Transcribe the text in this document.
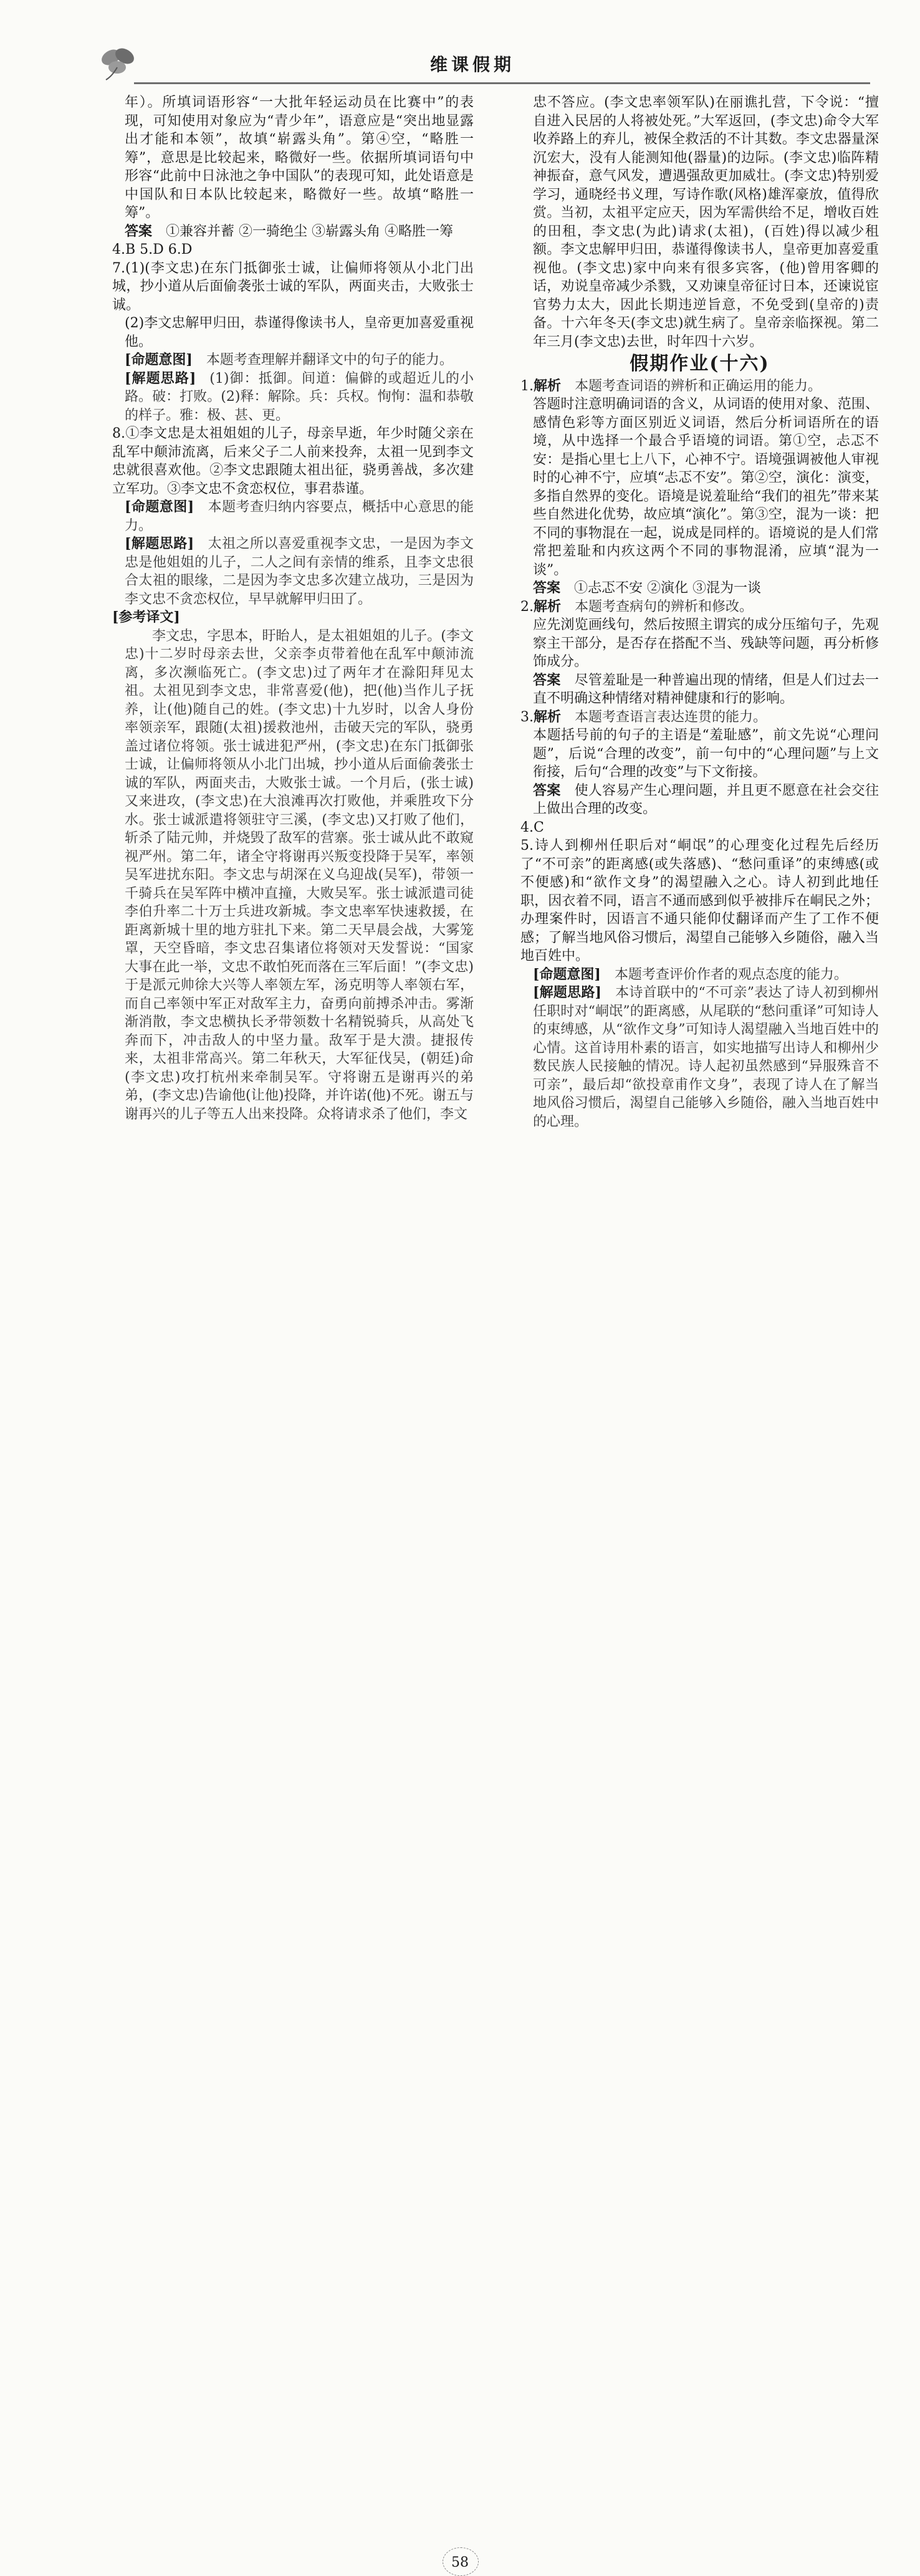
维课假期

年）。所填词语形容“一大批年轻运动员在比赛中”的表现，可知使用对象应为“青少年”，语意应是“突出地显露出才能和本领”，故填“崭露头角”。第④空，“略胜一筹”，意思是比较起来，略微好一些。依据所填词语句中形容“此前中日泳池之争中国队”的表现可知，此处语意是中国队和日本队比较起来，略微好一些。故填“略胜一筹”。

答案  ①兼容并蓄 ②一骑绝尘 ③崭露头角 ④略胜一筹

4.B 5.D 6.D

7.(1)(李文忠)在东门抵御张士诚，让偏师将领从小北门出城，抄小道从后面偷袭张士诚的军队，两面夹击，大败张士诚。

(2)李文忠解甲归田，恭谨得像读书人，皇帝更加喜爱重视他。

[命题意图]  本题考查理解并翻译文中的句子的能力。

[解题思路]  (1)御：抵御。间道：偏僻的或超近儿的小路。破：打败。(2)释：解除。兵：兵权。恂恂：温和恭敬的样子。雅：极、甚、更。

8.①李文忠是太祖姐姐的儿子，母亲早逝，年少时随父亲在乱军中颠沛流离，后来父子二人前来投奔，太祖一见到李文忠就很喜欢他。②李文忠跟随太祖出征，骁勇善战，多次建立军功。③李文忠不贪恋权位，事君恭谨。

[命题意图]  本题考查归纳内容要点，概括中心意思的能力。

[解题思路]  太祖之所以喜爱重视李文忠，一是因为李文忠是他姐姐的儿子，二人之间有亲情的维系，且李文忠很合太祖的眼缘，二是因为李文忠多次建立战功，三是因为李文忠不贪恋权位，早早就解甲归田了。

[参考译文]

李文忠，字思本，盱眙人，是太祖姐姐的儿子。(李文忠)十二岁时母亲去世，父亲李贞带着他在乱军中颠沛流离，多次濒临死亡。(李文忠)过了两年才在滁阳拜见太祖。太祖见到李文忠，非常喜爱(他)，把(他)当作儿子抚养，让(他)随自己的姓。(李文忠)十九岁时，以舍人身份率领亲军，跟随(太祖)援救池州，击破天完的军队，骁勇盖过诸位将领。张士诚进犯严州，(李文忠)在东门抵御张士诚，让偏师将领从小北门出城，抄小道从后面偷袭张士诚的军队，两面夹击，大败张士诚。一个月后，(张士诚)又来进攻，(李文忠)在大浪滩再次打败他，并乘胜攻下分水。张士诚派遣将领驻守三溪，(李文忠)又打败了他们，斩杀了陆元帅，并烧毁了敌军的营寨。张士诚从此不敢窥视严州。第二年，诸全守将谢再兴叛变投降于吴军，率领吴军进扰东阳。李文忠与胡深在义乌迎战(吴军)，带领一千骑兵在吴军阵中横冲直撞，大败吴军。张士诚派遣司徒李伯升率二十万士兵进攻新城。李文忠率军快速救援，在距离新城十里的地方驻扎下来。第二天早晨会战，大雾笼罩，天空昏暗，李文忠召集诸位将领对天发誓说：“国家大事在此一举，文忠不敢怕死而落在三军后面！”(李文忠)于是派元帅徐大兴等人率领左军，汤克明等人率领右军，而自己率领中军正对敌军主力，奋勇向前搏杀冲击。雾渐渐消散，李文忠横执长矛带领数十名精锐骑兵，从高处飞奔而下，冲击敌人的中坚力量。敌军于是大溃。捷报传来，太祖非常高兴。第二年秋天，大军征伐吴，(朝廷)命(李文忠)攻打杭州来牵制吴军。守将谢五是谢再兴的弟弟，(李文忠)告谕他(让他)投降，并许诺(他)不死。谢五与谢再兴的儿子等五人出来投降。众将请求杀了他们，李文

忠不答应。(李文忠率领军队)在丽谯扎营，下令说：“擅自进入民居的人将被处死。”大军返回，(李文忠)命令大军收养路上的弃儿，被保全救活的不计其数。李文忠器量深沉宏大，没有人能测知他(器量)的边际。(李文忠)临阵精神振奋，意气风发，遭遇强敌更加威壮。(李文忠)特别爱学习，通晓经书义理，写诗作歌(风格)雄浑豪放，值得欣赏。当初，太祖平定应天，因为军需供给不足，增收百姓的田租，李文忠(为此)请求(太祖)，(百姓)得以减少租额。李文忠解甲归田，恭谨得像读书人，皇帝更加喜爱重视他。(李文忠)家中向来有很多宾客，(他)曾用客卿的话，劝说皇帝减少杀戮，又劝谏皇帝征讨日本，还谏说宦官势力太大，因此长期违逆旨意，不免受到(皇帝的)责备。十六年冬天(李文忠)就生病了。皇帝亲临探视。第二年三月(李文忠)去世，时年四十六岁。

假期作业(十六)

1.解析  本题考查词语的辨析和正确运用的能力。

答题时注意明确词语的含义，从词语的使用对象、范围、感情色彩等方面区别近义词语，然后分析词语所在的语境，从中选择一个最合乎语境的词语。第①空，忐忑不安：是指心里七上八下，心神不宁。语境强调被他人审视时的心神不宁，应填“忐忑不安”。第②空，演化：演变，多指自然界的变化。语境是说羞耻给“我们的祖先”带来某些自然进化优势，故应填“演化”。第③空，混为一谈：把不同的事物混在一起，说成是同样的。语境说的是人们常常把羞耻和内疚这两个不同的事物混淆，应填“混为一谈”。

答案  ①忐忑不安 ②演化 ③混为一谈

2.解析  本题考查病句的辨析和修改。

应先浏览画线句，然后按照主谓宾的成分压缩句子，先观察主干部分，是否存在搭配不当、残缺等问题，再分析修饰成分。

答案  尽管羞耻是一种普遍出现的情绪，但是人们过去一直不明确这种情绪对精神健康和行的影响。

3.解析  本题考查语言表达连贯的能力。

本题括号前的句子的主语是“羞耻感”，前文先说“心理问题”，后说“合理的改变”，前一句中的“心理问题”与上文衔接，后句“合理的改变”与下文衔接。

答案  使人容易产生心理问题，并且更不愿意在社会交往上做出合理的改变。

4.C

5.诗人到柳州任职后对“峒氓”的心理变化过程先后经历了“不可亲”的距离感(或失落感)、“愁问重译”的束缚感(或不便感)和“欲作文身”的渴望融入之心。诗人初到此地任职，因衣着不同，语言不通而感到似乎被排斥在峒民之外；办理案件时，因语言不通只能仰仗翻译而产生了工作不便感；了解当地风俗习惯后，渴望自己能够入乡随俗，融入当地百姓中。

[命题意图]  本题考查评价作者的观点态度的能力。

[解题思路]  本诗首联中的“不可亲”表达了诗人初到柳州任职时对“峒氓”的距离感，从尾联的“愁问重译”可知诗人的束缚感，从“欲作文身”可知诗人渴望融入当地百姓中的心情。这首诗用朴素的语言，如实地描写出诗人和柳州少数民族人民接触的情况。诗人起初虽然感到“异服殊音不可亲”，最后却“欲投章甫作文身”，表现了诗人在了解当地风俗习惯后，渴望自己能够入乡随俗，融入当地百姓中的心理。

58
